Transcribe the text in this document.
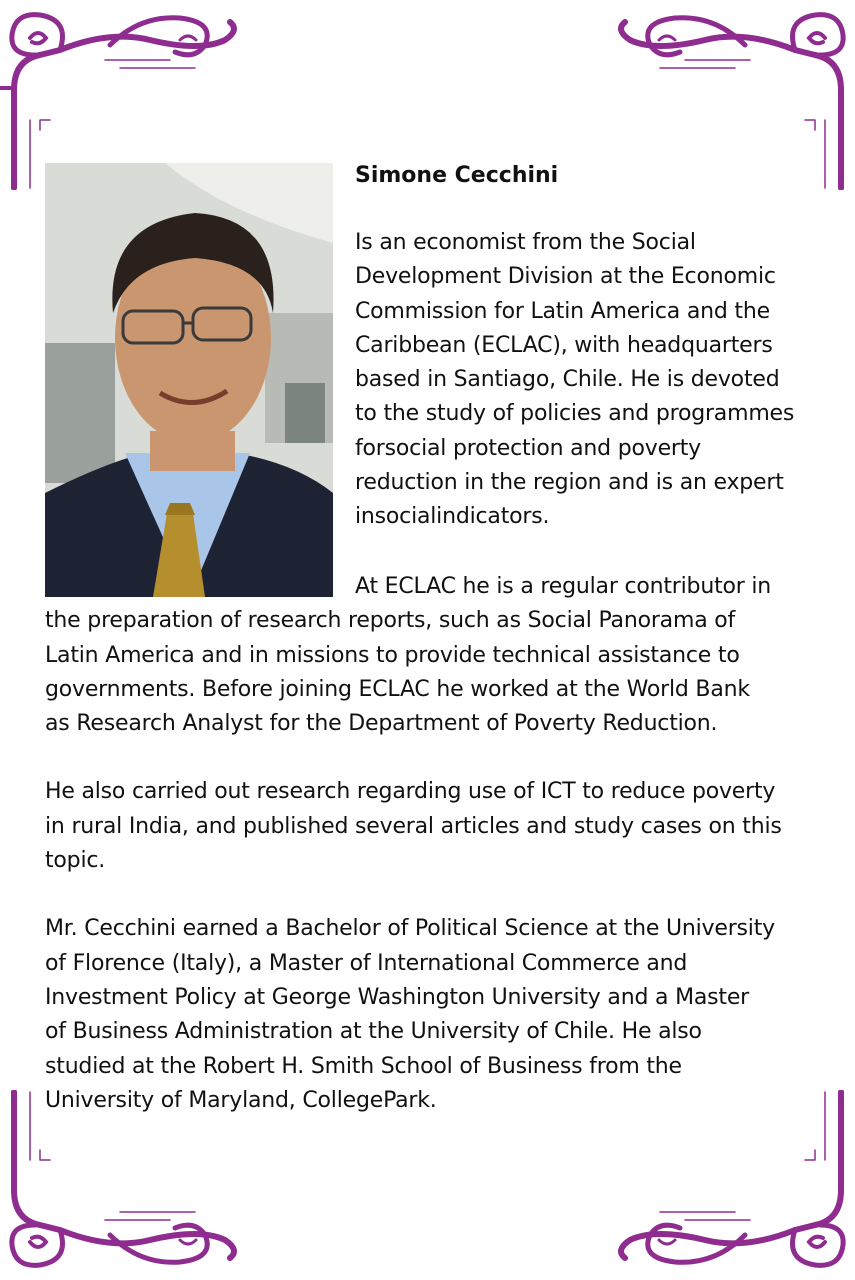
Simone Cecchini
Is an economist from the Social
Development Division at the Economic
Commission for Latin America and the
Caribbean (ECLAC), with headquarters
based in Santiago, Chile. He is devoted
to the study of policies and programmes
forsocial protection and poverty
reduction in the region and is an expert
insocialindicators.
At ECLAC he is a regular contributor in
the preparation of research reports, such as Social Panorama of
Latin America and in missions to provide technical assistance to
governments. Before joining ECLAC he worked at the World Bank
as Research Analyst for the Department of Poverty Reduction.
He also carried out research regarding use of ICT to reduce poverty
in rural India, and published several articles and study cases on this
topic.
Mr. Cecchini earned a Bachelor of Political Science at the University
of Florence (Italy), a Master of International Commerce and
Investment Policy at George Washington University and a Master
of Business Administration at the University of Chile. He also
studied at the Robert H. Smith School of Business from the
University of Maryland, CollegePark.
